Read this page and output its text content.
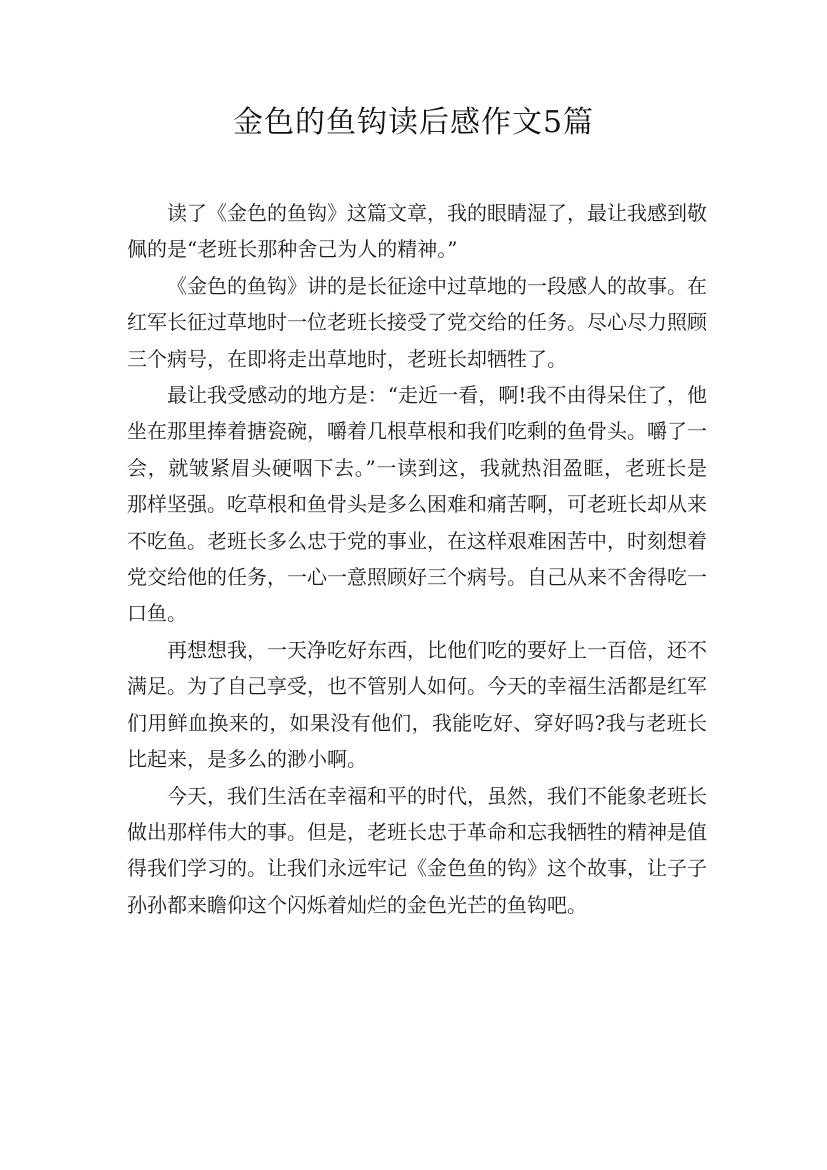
金色的鱼钩读后感作文5篇

读了《金色的鱼钩》这篇文章，我的眼睛湿了，最让我感到敬佩的是“老班长那种舍己为人的精神。”

《金色的鱼钩》讲的是长征途中过草地的一段感人的故事。在红军长征过草地时一位老班长接受了党交给的任务。尽心尽力照顾三个病号，在即将走出草地时，老班长却牺牲了。

最让我受感动的地方是：“走近一看，啊!我不由得呆住了，他坐在那里捧着搪瓷碗，嚼着几根草根和我们吃剩的鱼骨头。嚼了一会，就皱紧眉头硬咽下去。”一读到这，我就热泪盈眶，老班长是那样坚强。吃草根和鱼骨头是多么困难和痛苦啊，可老班长却从来不吃鱼。老班长多么忠于党的事业，在这样艰难困苦中，时刻想着党交给他的任务，一心一意照顾好三个病号。自己从来不舍得吃一口鱼。

再想想我，一天净吃好东西，比他们吃的要好上一百倍，还不满足。为了自己享受，也不管别人如何。今天的幸福生活都是红军们用鲜血换来的，如果没有他们，我能吃好、穿好吗?我与老班长比起来，是多么的渺小啊。

今天，我们生活在幸福和平的时代，虽然，我们不能象老班长做出那样伟大的事。但是，老班长忠于革命和忘我牺牲的精神是值得我们学习的。让我们永远牢记《金色鱼的钩》这个故事，让子子孙孙都来瞻仰这个闪烁着灿烂的金色光芒的鱼钩吧。
